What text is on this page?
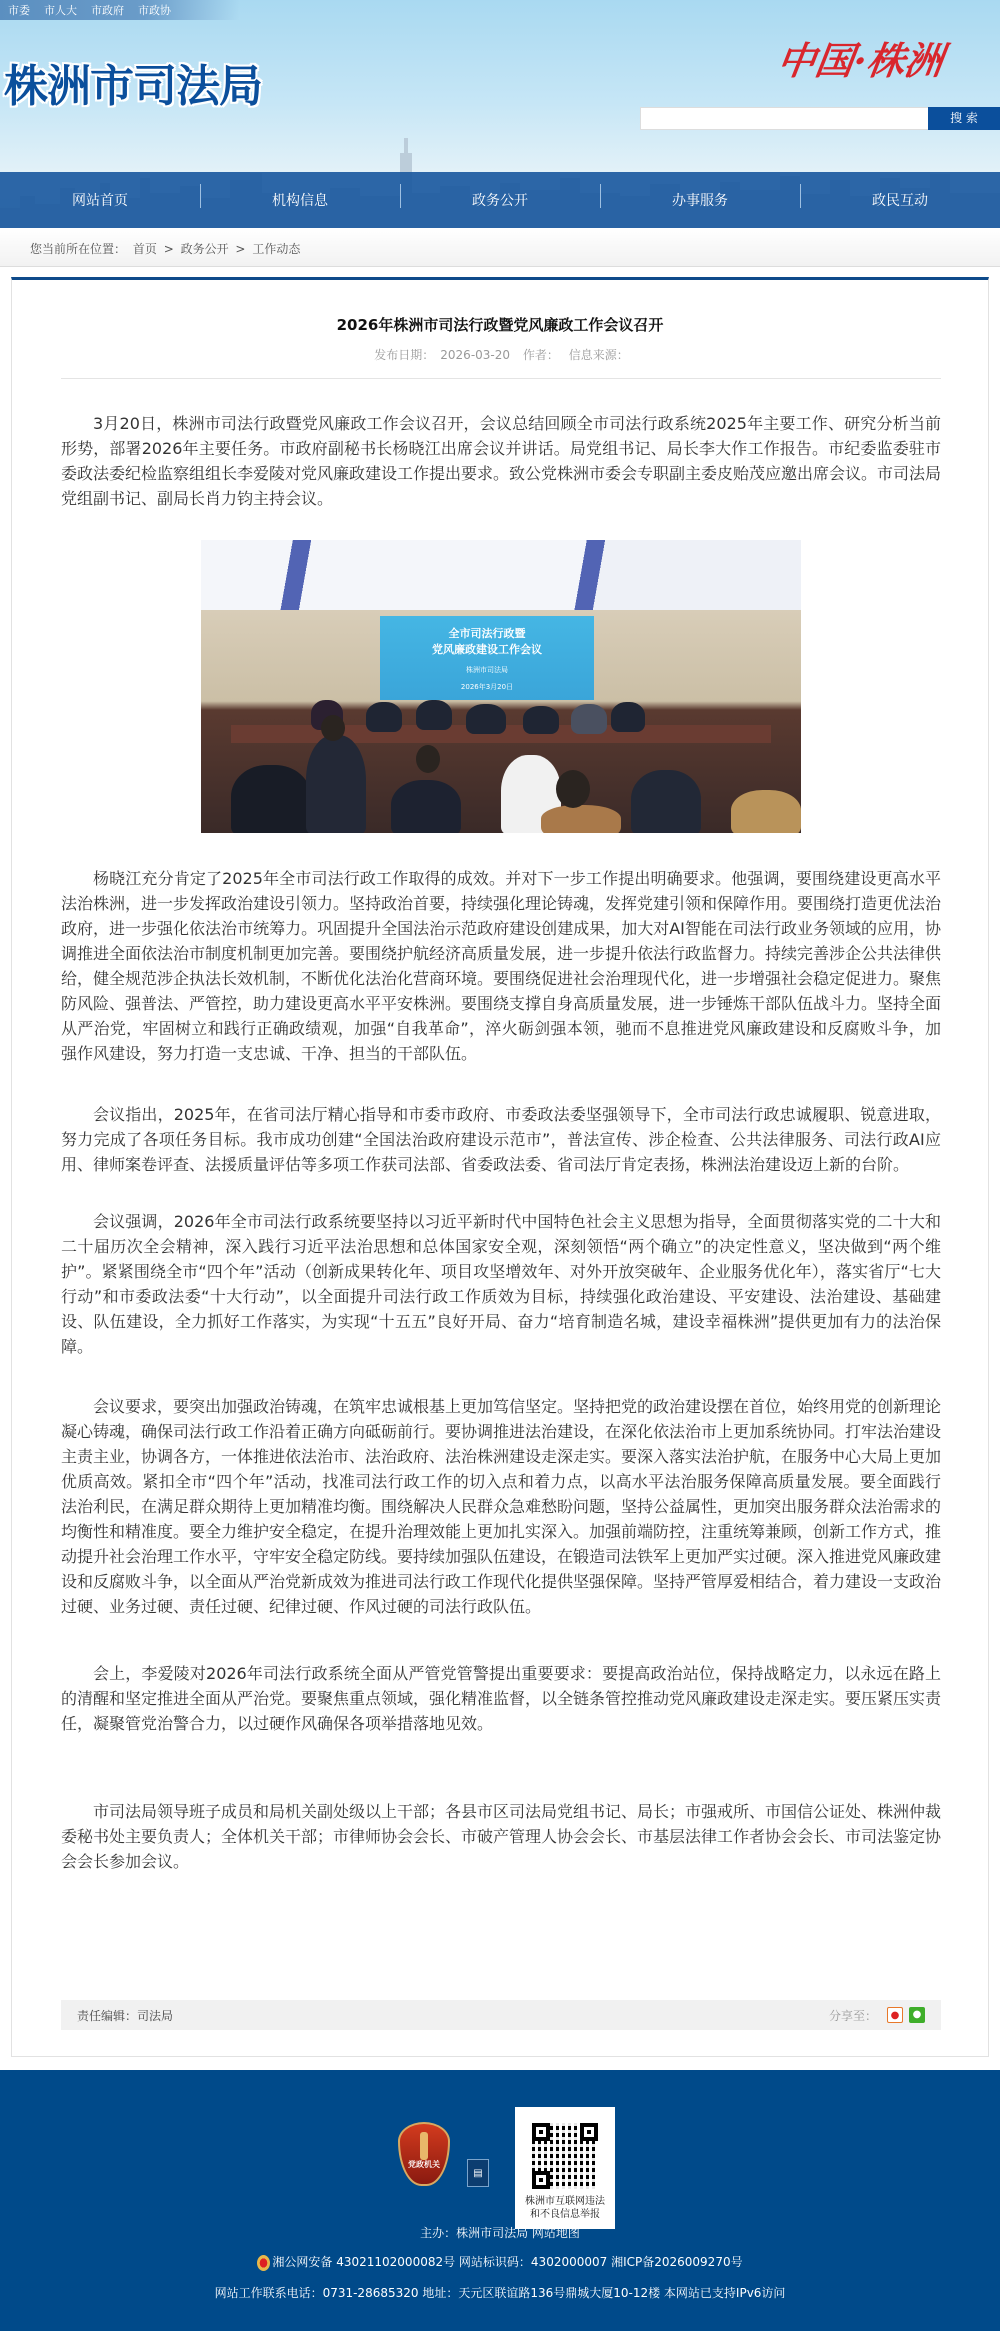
市委 市人大 市政府 市政协
株洲市司法局
中国·株洲
搜 索
网站首页	机构信息	政务公开	办事服务	政民互动
您当前所在位置： 首页 > 政务公开 > 工作动态
2026年株洲市司法行政暨党风廉政工作会议召开
发布日期： 2026-03-20 作者： 信息来源：

3月20日，株洲市司法行政暨党风廉政工作会议召开，会议总结回顾全市司法行政系统2025年主要工作、研究分析当前形势，部署2026年主要任务。市政府副秘书长杨晓江出席会议并讲话。局党组书记、局长李大作工作报告。市纪委监委驻市委政法委纪检监察组组长李爱陵对党风廉政建设工作提出要求。致公党株洲市委会专职副主委皮贻茂应邀出席会议。市司法局党组副书记、副局长肖力钧主持会议。

全市司法行政暨
党风廉政建设工作会议
株洲市司法局
2026年3月20日

杨晓江充分肯定了2025年全市司法行政工作取得的成效。并对下一步工作提出明确要求。他强调，要围绕建设更高水平法治株洲，进一步发挥政治建设引领力。坚持政治首要，持续强化理论铸魂，发挥党建引领和保障作用。要围绕打造更优法治政府，进一步强化依法治市统筹力。巩固提升全国法治示范政府建设创建成果，加大对AI智能在司法行政业务领域的应用，协调推进全面依法治市制度机制更加完善。要围绕护航经济高质量发展，进一步提升依法行政监督力。持续完善涉企公共法律供给，健全规范涉企执法长效机制，不断优化法治化营商环境。要围绕促进社会治理现代化，进一步增强社会稳定促进力。聚焦防风险、强普法、严管控，助力建设更高水平平安株洲。要围绕支撑自身高质量发展，进一步锤炼干部队伍战斗力。坚持全面从严治党，牢固树立和践行正确政绩观，加强“自我革命”，淬火砺剑强本领，驰而不息推进党风廉政建设和反腐败斗争，加强作风建设，努力打造一支忠诚、干净、担当的干部队伍。

会议指出，2025年，在省司法厅精心指导和市委市政府、市委政法委坚强领导下，全市司法行政忠诚履职、锐意进取，努力完成了各项任务目标。我市成功创建“全国法治政府建设示范市”，普法宣传、涉企检查、公共法律服务、司法行政AI应用、律师案卷评查、法援质量评估等多项工作获司法部、省委政法委、省司法厅肯定表扬，株洲法治建设迈上新的台阶。

会议强调，2026年全市司法行政系统要坚持以习近平新时代中国特色社会主义思想为指导，全面贯彻落实党的二十大和二十届历次全会精神，深入践行习近平法治思想和总体国家安全观，深刻领悟“两个确立”的决定性意义，坚决做到“两个维护”。紧紧围绕全市“四个年”活动（创新成果转化年、项目攻坚增效年、对外开放突破年、企业服务优化年），落实省厅“七大行动”和市委政法委“十大行动”，以全面提升司法行政工作质效为目标，持续强化政治建设、平安建设、法治建设、基础建设、队伍建设，全力抓好工作落实，为实现“十五五”良好开局、奋力“培育制造名城，建设幸福株洲”提供更加有力的法治保障。

会议要求，要突出加强政治铸魂，在筑牢忠诚根基上更加笃信坚定。坚持把党的政治建设摆在首位，始终用党的创新理论凝心铸魂，确保司法行政工作沿着正确方向砥砺前行。要协调推进法治建设，在深化依法治市上更加系统协同。打牢法治建设主责主业，协调各方，一体推进依法治市、法治政府、法治株洲建设走深走实。要深入落实法治护航，在服务中心大局上更加优质高效。紧扣全市“四个年”活动，找准司法行政工作的切入点和着力点，以高水平法治服务保障高质量发展。要全面践行法治利民，在满足群众期待上更加精准均衡。围绕解决人民群众急难愁盼问题，坚持公益属性，更加突出服务群众法治需求的均衡性和精准度。要全力维护安全稳定，在提升治理效能上更加扎实深入。加强前端防控，注重统筹兼顾，创新工作方式，推动提升社会治理工作水平，守牢安全稳定防线。要持续加强队伍建设，在锻造司法铁军上更加严实过硬。深入推进党风廉政建设和反腐败斗争，以全面从严治党新成效为推进司法行政工作现代化提供坚强保障。坚持严管厚爱相结合，着力建设一支政治过硬、业务过硬、责任过硬、纪律过硬、作风过硬的司法行政队伍。

会上，李爱陵对2026年司法行政系统全面从严管党管警提出重要要求：要提高政治站位，保持战略定力，以永远在路上的清醒和坚定推进全面从严治党。要聚焦重点领域，强化精准监督，以全链条管控推动党风廉政建设走深走实。要压紧压实责任，凝聚管党治警合力，以过硬作风确保各项举措落地见效。

市司法局领导班子成员和局机关副处级以上干部；各县市区司法局党组书记、局长；市强戒所、市国信公证处、株洲仲裁委秘书处主要负责人；全体机关干部；市律师协会会长、市破产管理人协会会长、市基层法律工作者协会会长、市司法鉴定协会会长参加会议。

责任编辑： 司法局	分享至：	●	●
党政机关
▤
株洲市互联网违法
和不良信息举报
主办：株洲市司法局 网站地图
湘公网安备 43021102000082号 网站标识码：4302000007 湘ICP备2026009270号
网站工作联系电话：0731-28685320 地址：天元区联谊路136号鼎城大厦10-12楼 本网站已支持IPv6访问
